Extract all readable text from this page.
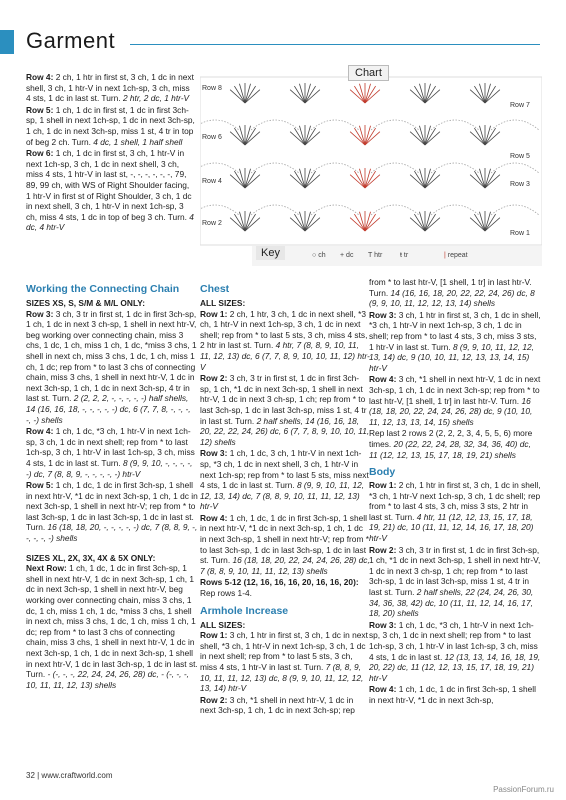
Garment

Row 4: 2 ch, 1 htr in first st, 3 ch, 1 dc in next shell, 3 ch, 1 htr-V in next 1ch-sp, 3 ch, miss 4 sts, 1 dc in last st. Turn. 2 htr, 2 dc, 1 htr-V

Row 5: 1 ch, 1 dc in first st, 1 dc in first 3ch-sp, 1 shell in next 1ch-sp, 1 dc in next 3ch-sp, 1 ch, 1 dc in next 3ch-sp, miss 1 st, 4 tr in top of beg 2 ch. Turn. 4 dc, 1 shell, 1 half shell

Row 6: 1 ch, 1 dc in first st, 3 ch, 1 htr-V in next 1ch-sp, 3 ch, 1 dc in next shell, 3 ch, miss 4 sts, 1 htr-V in last st, -, -, -, -, -, -, 79, 89, 99 ch, with WS of Right Shoulder facing, 1 htr-V in first st of Right Shoulder, 3 ch, 1 dc in next shell, 3 ch, 1 htr-V in next 1ch-sp, 3 ch, miss 4 sts, 1 dc in top of beg 3 ch. Turn. 4 dc, 4 htr-V

Row 8
Row 6
Row 4
Row 2
Row 7
Row 5
Row 3
Row 1
Chart
Key	○ ch + dc T htr	ŧ tr	| repeat
Working the Connecting Chain
SIZES XS, S, S/M & M/L ONLY:

Row 3: 3 ch, 3 tr in first st, 1 dc in first 3ch-sp, 1 ch, 1 dc in next 3 ch-sp, 1 shell in next htr-V, beg working over connecting chain, miss 3 chs, 1 dc, 1 ch, miss 1 ch, 1 dc, *miss 3 chs, 1 shell in next ch, miss 3 chs, 1 dc, 1 ch, miss 1 ch, 1 dc; rep from * to last 3 chs of connecting chain, miss 3 chs, 1 shell in next htr-V, 1 dc in next 3ch-sp, 1 ch, 1 dc in next 3ch-sp, 4 tr in last st. Turn. 2 (2, 2, 2, -, -, -, -, -) half shells, 14 (16, 16, 18, -, -, -, -, -) dc, 6 (7, 7, 8, -, -, -, -, -) shells

Row 4: 1 ch, 1 dc, *3 ch, 1 htr-V in next 1ch-sp, 3 ch, 1 dc in next shell; rep from * to last 1ch-sp, 3 ch, 1 htr-V in last 1ch-sp, 3 ch, miss 4 sts, 1 dc in last st. Turn. 8 (9, 9, 10, -, -, -, -, -) dc, 7 (8, 8, 9, -, -, -, -, -) htr-V

Row 5: 1 ch, 1 dc, 1 dc in first 3ch-sp, 1 shell in next htr-V, *1 dc in next 3ch-sp, 1 ch, 1 dc in next 3ch-sp, 1 shell in next htr-V; rep from * to last 3ch-sp, 1 dc in last 3ch-sp, 1 dc in last st. Turn. 16 (18, 18, 20, -, -, -, -, -) dc, 7 (8, 8, 9, -, -, -, -, -) shells

SIZES XL, 2X, 3X, 4X & 5X ONLY:

Next Row: 1 ch, 1 dc, 1 dc in first 3ch-sp, 1 shell in next htr-V, 1 dc in next 3ch-sp, 1 ch, 1 dc in next 3ch-sp, 1 shell in next htr-V, beg working over connecting chain, miss 3 chs, 1 dc, 1 ch, miss 1 ch, 1 dc, *miss 3 chs, 1 shell in next ch, miss 3 chs, 1 dc, 1 ch, miss 1 ch, 1 dc; rep from * to last 3 chs of connecting chain, miss 3 chs, 1 shell in next htr-V, 1 dc in next 3ch-sp, 1 ch, 1 dc in next 3ch-sp, 1 shell in next htr-V, 1 dc in last 3ch-sp, 1 dc in last st. Turn. - (-, -, -, 22, 24, 24, 26, 28) dc, - (-, -, -, 10, 11, 11, 12, 13) shells

Chest
ALL SIZES:

Row 1: 2 ch, 1 htr, 3 ch, 1 dc in next shell, *3 ch, 1 htr-V in next 1ch-sp, 3 ch, 1 dc in next shell; rep from * to last 5 sts, 3 ch, miss 4 sts, 2 htr in last st. Turn. 4 htr, 7 (8, 8, 9, 10, 11, 11, 12, 13) dc, 6 (7, 7, 8, 9, 10, 10, 11, 12) htr-V

Row 2: 3 ch, 3 tr in first st, 1 dc in first 3ch-sp, 1 ch, *1 dc in next 3ch-sp, 1 shell in next htr-V, 1 dc in next 3 ch-sp, 1 ch; rep from * to last 3ch-sp, 1 dc in last 3ch-sp, miss 1 st, 4 tr in last st. Turn. 2 half shells, 14 (16, 16, 18, 20, 22, 22, 24, 26) dc, 6 (7, 7, 8, 9, 10, 10, 11, 12) shells

Row 3: 1 ch, 1 dc, 3 ch, 1 htr-V in next 1ch-sp, *3 ch, 1 dc in next shell, 3 ch, 1 htr-V in next 1ch-sp; rep from * to last 5 sts, miss next 4 sts, 1 dc in last st. Turn. 8 (9, 9, 10, 11, 12, 12, 13, 14) dc, 7 (8, 8, 9, 10, 11, 11, 12, 13) htr-V

Row 4: 1 ch, 1 dc, 1 dc in first 3ch-sp, 1 shell in next htr-V, *1 dc in next 3ch-sp, 1 ch, 1 dc in next 3ch-sp, 1 shell in next htr-V; rep from * to last 3ch-sp, 1 dc in last 3ch-sp, 1 dc in last st. Turn. 16 (18, 18, 20, 22, 24, 24, 26, 28) dc, 7 (8, 8, 9, 10, 11, 11, 12, 13) shells

Rows 5-12 (12, 16, 16, 16, 20, 16, 16, 20): Rep rows 1-4.

Armhole Increase
ALL SIZES:

Row 1: 3 ch, 1 htr in first st, 3 ch, 1 dc in next shell, *3 ch, 1 htr-V in next 1ch-sp, 3 ch, 1 dc in next shell; rep from * to last 5 sts, 3 ch, miss 4 sts, 1 htr-V in last st. Turn. 7 (8, 8, 9, 10, 11, 11, 12, 13) dc, 8 (9, 9, 10, 11, 12, 12, 13, 14) htr-V

Row 2: 3 ch, *1 shell in next htr-V, 1 dc in next 3ch-sp, 1 ch, 1 dc in next 3ch-sp; rep

from * to last htr-V, [1 shell, 1 tr] in last htr-V. Turn. 14 (16, 16, 18, 20, 22, 22, 24, 26) dc, 8 (9, 9, 10, 11, 12, 12, 13, 14) shells

Row 3: 3 ch, 1 htr in first st, 3 ch, 1 dc in shell, *3 ch, 1 htr-V in next 1ch-sp, 3 ch, 1 dc in shell; rep from * to last 4 sts, 3 ch, miss 3 sts, 1 htr-V in last st. Turn. 8 (9, 9, 10, 11, 12, 12, 13, 14) dc, 9 (10, 10, 11, 12, 13, 13, 14, 15) htr-V

Row 4: 3 ch, *1 shell in next htr-V, 1 dc in next 3ch-sp, 1 ch, 1 dc in next 3ch-sp; rep from * to last htr-V, [1 shell, 1 tr] in last htr-V. Turn. 16 (18, 18, 20, 22, 24, 24, 26, 28) dc, 9 (10, 10, 11, 12, 13, 13, 14, 15) shells

Rep last 2 rows 2 (2, 2, 2, 3, 4, 5, 5, 6) more times. 20 (22, 22, 24, 28, 32, 34, 36, 40) dc, 11 (12, 12, 13, 15, 17, 18, 19, 21) shells

Body

Row 1: 2 ch, 1 htr in first st, 3 ch, 1 dc in shell, *3 ch, 1 htr-V next 1ch-sp, 3 ch, 1 dc shell; rep from * to last 4 sts, 3 ch, miss 3 sts, 2 htr in last st. Turn. 4 htr, 11 (12, 12, 13, 15, 17, 18, 19, 21) dc, 10 (11, 11, 12, 14, 16, 17, 18, 20) htr-V

Row 2: 3 ch, 3 tr in first st, 1 dc in first 3ch-sp, 1 ch, *1 dc in next 3ch-sp, 1 shell in next htr-V, 1 dc in next 3 ch-sp, 1 ch; rep from * to last 3ch-sp, 1 dc in last 3ch-sp, miss 1 st, 4 tr in last st. Turn. 2 half shells, 22 (24, 24, 26, 30, 34, 36, 38, 42) dc, 10 (11, 11, 12, 14, 16, 17, 18, 20) shells

Row 3: 1 ch, 1 dc, *3 ch, 1 htr-V in next 1ch-sp, 3 ch, 1 dc in next shell; rep from * to last 1ch-sp, 3 ch, 1 htr-V in last 1ch-sp, 3 ch, miss 4 sts, 1 dc in last st. 12 (13, 13, 14, 16, 18, 19, 20, 22) dc, 11 (12, 12, 13, 15, 17, 18, 19, 21) htr-V

Row 4: 1 ch, 1 dc, 1 dc in first 3ch-sp, 1 shell in next htr-V, *1 dc in next 3ch-sp,

32 | www.craftworld.com
PassionForum.ru
